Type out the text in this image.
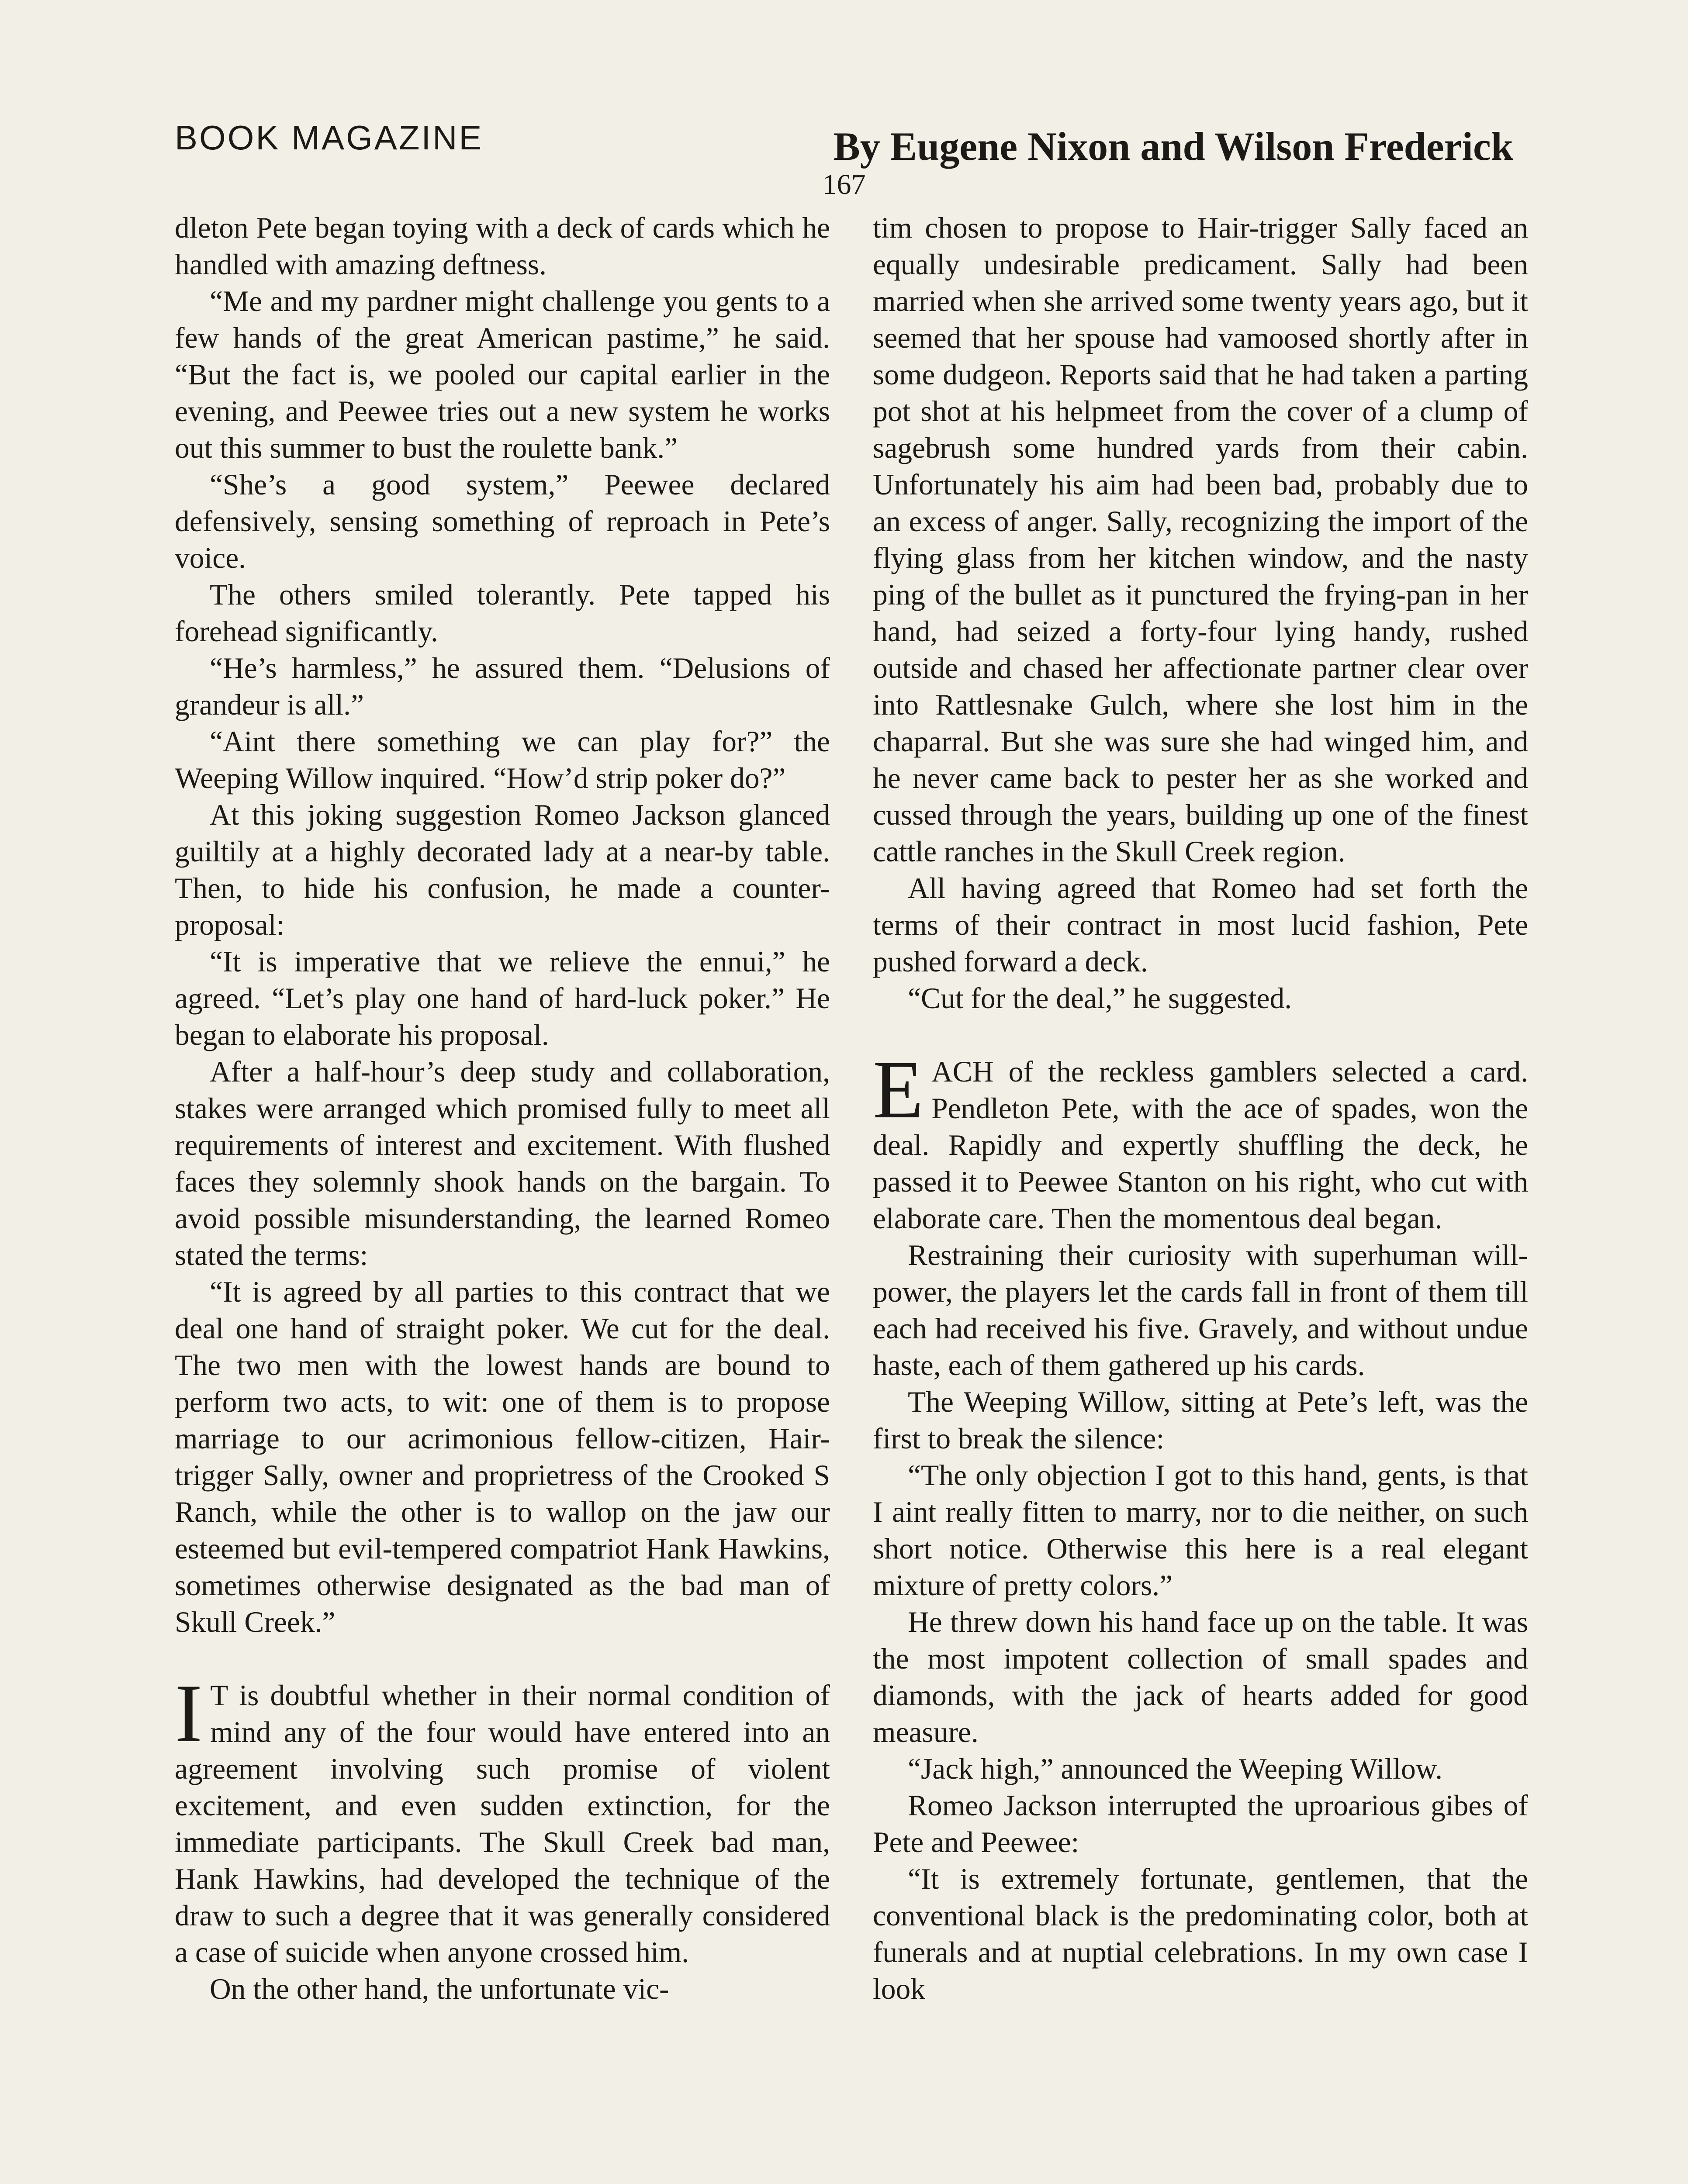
BOOK MAGAZINE	By Eugene Nixon and Wilson Frederick
167

dleton Pete began toying with a deck of cards which he handled with amazing deftness.

“Me and my pardner might challenge you gents to a few hands of the great American pastime,” he said. “But the fact is, we pooled our capital earlier in the evening, and Peewee tries out a new system he works out this summer to bust the roulette bank.”

“She’s a good system,” Peewee declared defensively, sensing something of reproach in Pete’s voice.

The others smiled tolerantly. Pete tapped his forehead significantly.

“He’s harmless,” he assured them. “Delusions of grandeur is all.”

“Aint there something we can play for?” the Weeping Willow inquired. “How’d strip poker do?”

At this joking suggestion Romeo Jackson glanced guiltily at a highly decorated lady at a near-by table. Then, to hide his confusion, he made a counter-proposal:

“It is imperative that we relieve the ennui,” he agreed. “Let’s play one hand of hard-luck poker.” He began to elaborate his proposal.

After a half-hour’s deep study and collaboration, stakes were arranged which promised fully to meet all requirements of interest and excitement. With flushed faces they solemnly shook hands on the bargain. To avoid possible misunderstanding, the learned Romeo stated the terms:

“It is agreed by all parties to this contract that we deal one hand of straight poker. We cut for the deal. The two men with the lowest hands are bound to perform two acts, to wit: one of them is to propose marriage to our acrimonious fellow-citizen, Hair-trigger Sally, owner and proprietress of the Crooked S Ranch, while the other is to wallop on the jaw our esteemed but evil-tempered compatriot Hank Hawkins, sometimes otherwise designated as the bad man of Skull Creek.”

I T is doubtful whether in their normal condition of mind any of the four would have entered into an agreement involving such promise of violent excitement, and even sudden extinction, for the immediate participants. The Skull Creek bad man, Hank Hawkins, had developed the technique of the draw to such a degree that it was generally considered a case of suicide when anyone crossed him.

On the other hand, the unfortunate vic-

tim chosen to propose to Hair-trigger Sally faced an equally undesirable predicament. Sally had been married when she arrived some twenty years ago, but it seemed that her spouse had vamoosed shortly after in some dudgeon. Reports said that he had taken a parting pot shot at his helpmeet from the cover of a clump of sagebrush some hundred yards from their cabin. Unfortunately his aim had been bad, probably due to an excess of anger. Sally, recognizing the import of the flying glass from her kitchen window, and the nasty ping of the bullet as it punctured the frying-pan in her hand, had seized a forty-four lying handy, rushed outside and chased her affectionate partner clear over into Rattlesnake Gulch, where she lost him in the chaparral. But she was sure she had winged him, and he never came back to pester her as she worked and cussed through the years, building up one of the finest cattle ranches in the Skull Creek region.

All having agreed that Romeo had set forth the terms of their contract in most lucid fashion, Pete pushed forward a deck.

“Cut for the deal,” he suggested.

EACH of the reckless gamblers selected a card. Pendleton Pete, with the ace of spades, won the deal. Rapidly and expertly shuffling the deck, he passed it to Peewee Stanton on his right, who cut with elaborate care. Then the momentous deal began.

Restraining their curiosity with superhuman will-power, the players let the cards fall in front of them till each had received his five. Gravely, and without undue haste, each of them gathered up his cards.

The Weeping Willow, sitting at Pete’s left, was the first to break the silence:

“The only objection I got to this hand, gents, is that I aint really fitten to marry, nor to die neither, on such short notice. Otherwise this here is a real elegant mixture of pretty colors.”

He threw down his hand face up on the table. It was the most impotent collection of small spades and diamonds, with the jack of hearts added for good measure.

“Jack high,” announced the Weeping Willow.

Romeo Jackson interrupted the uproarious gibes of Pete and Peewee:

“It is extremely fortunate, gentlemen, that the conventional black is the predominating color, both at funerals and at nuptial celebrations. In my own case I look
